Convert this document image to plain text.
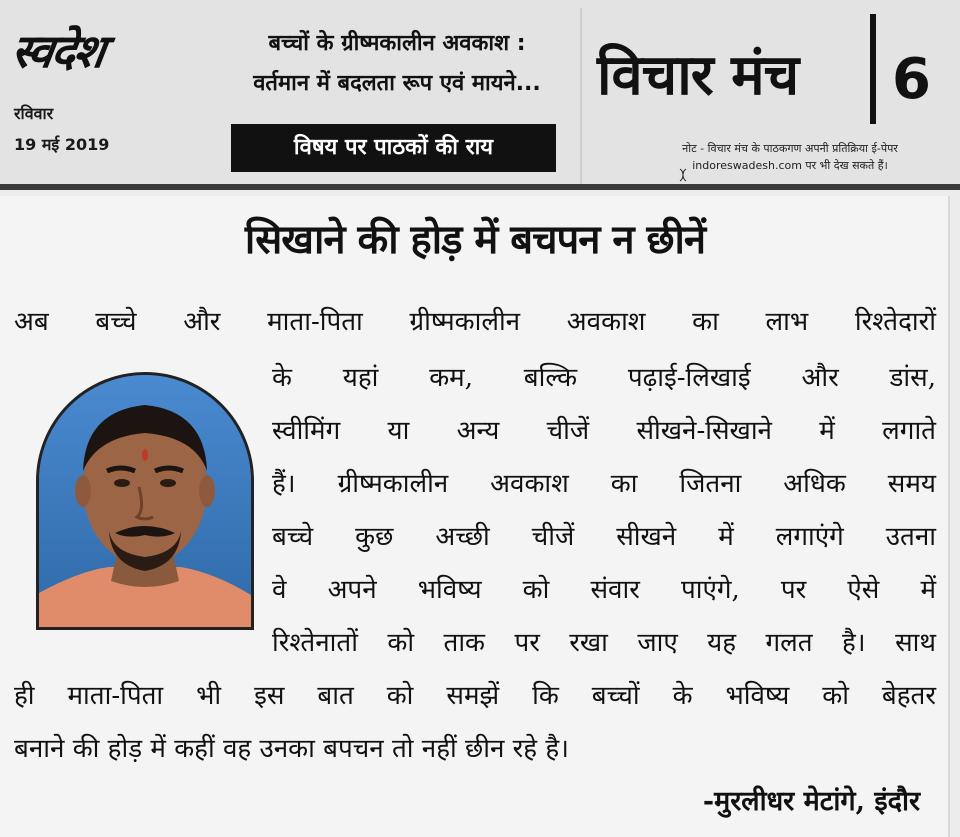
स्वदेश
रविवार
19 मई 2019
बच्चों के ग्रीष्मकालीन अवकाश :
वर्तमान में बदलता रूप एवं मायने...
विषय पर पाठकों की राय
विचार मंच 6
नोट - विचार मंच के पाठकगण अपनी प्रतिक्रिया ई-पेपर
indoreswadesh.com पर भी देख सकते हैं।
सिखाने की होड़ में बचपन न छीनें
अब बच्चे और माता-पिता ग्रीष्मकालीन अवकाश का लाभ रिश्तेदारों
के यहां कम, बल्कि पढ़ाई-लिखाई और डांस,
स्वीमिंग या अन्य चीजें सीखने-सिखाने में लगाते
हैं। ग्रीष्मकालीन अवकाश का जितना अधिक समय
बच्चे कुछ अच्छी चीजें सीखने में लगाएंगे उतना
वे अपने भविष्य को संवार पाएंगे, पर ऐसे में
रिश्तेनातों को ताक पर रखा जाए यह गलत है। साथ
ही माता-पिता भी इस बात को समझें कि बच्चों के भविष्य को बेहतर
बनाने की होड़ में कहीं वह उनका बपचन तो नहीं छीन रहे है।
-मुरलीधर मेटांगे, इंदौर
